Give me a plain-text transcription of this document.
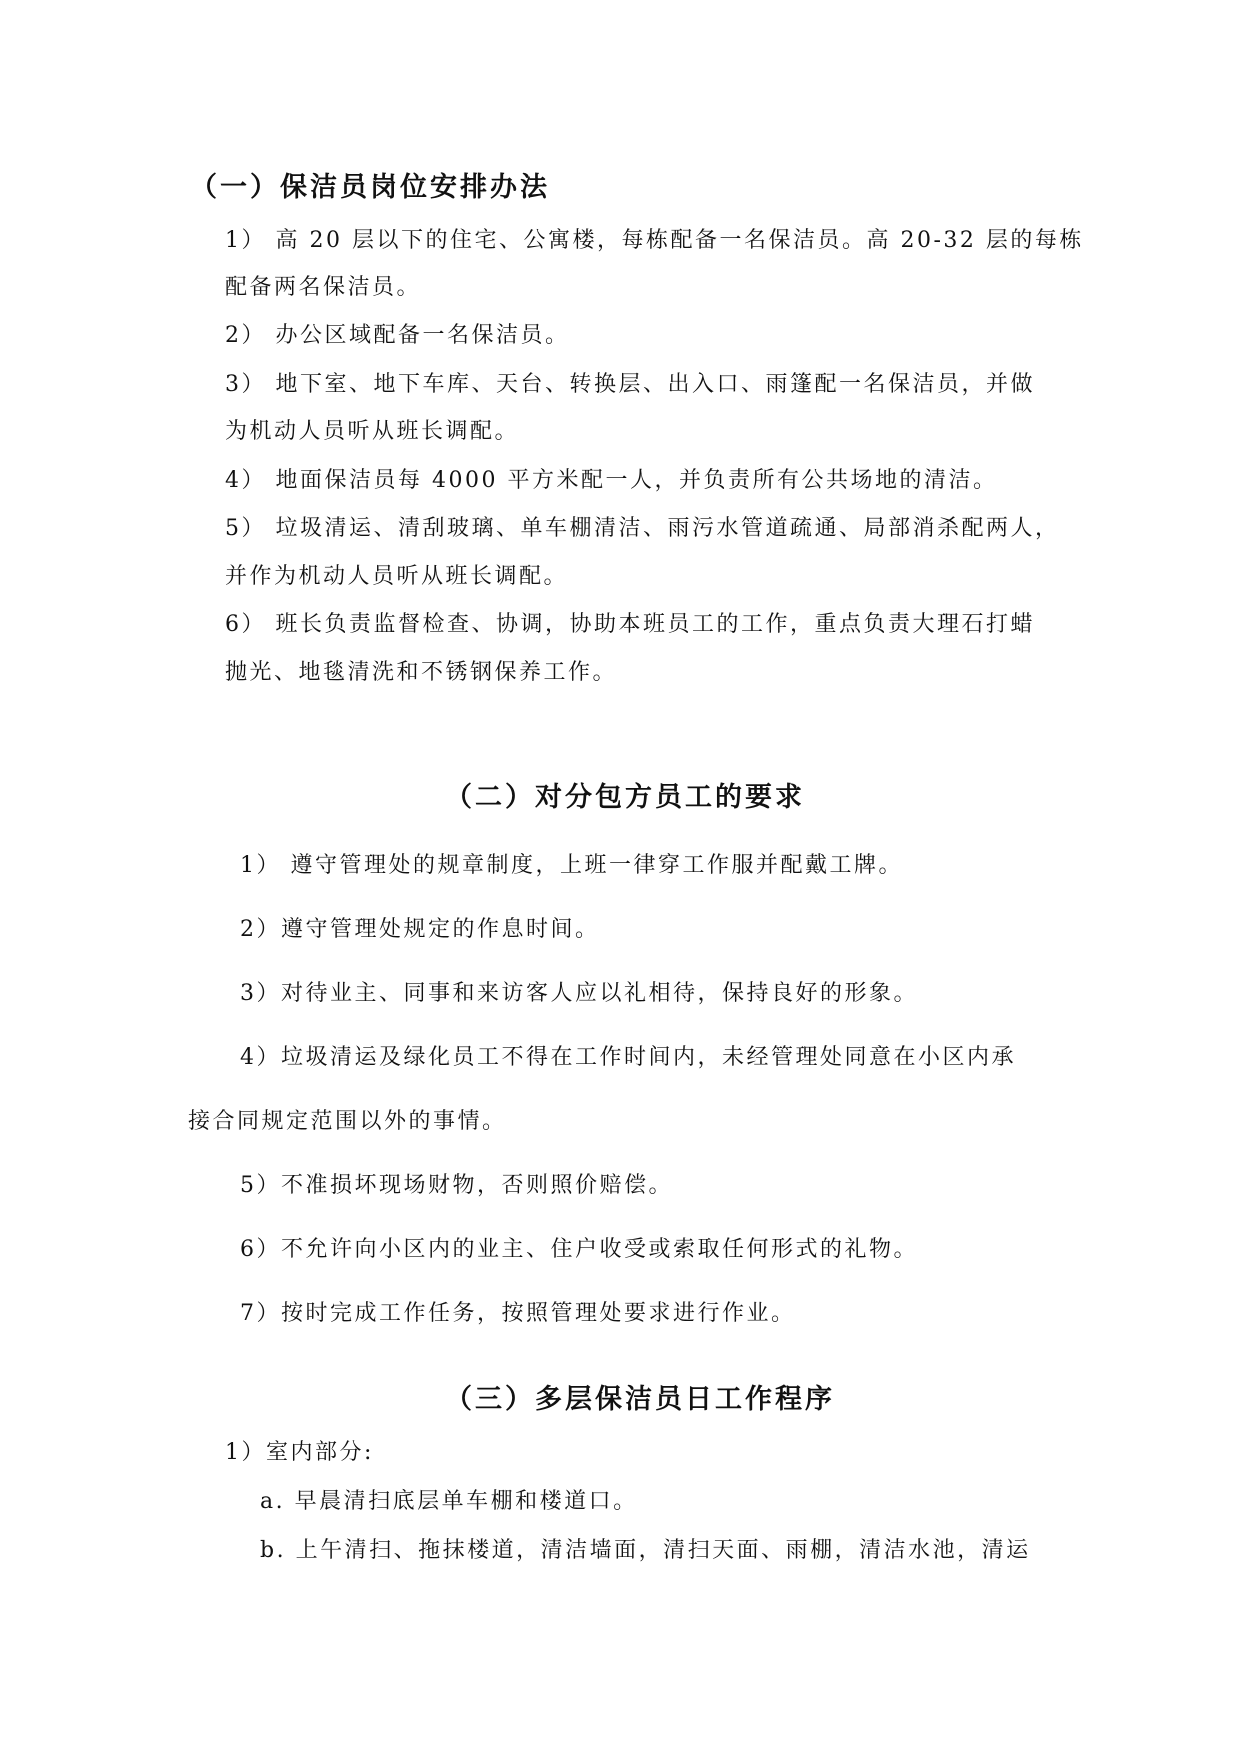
（一）保洁员岗位安排办法
1） 高 20 层以下的住宅、公寓楼，每栋配备一名保洁员。高 20-32 层的每栋
配备两名保洁员。
2） 办公区域配备一名保洁员。
3） 地下室、地下车库、天台、转换层、出入口、雨篷配一名保洁员，并做
为机动人员听从班长调配。
4） 地面保洁员每 4000 平方米配一人，并负责所有公共场地的清洁。
5） 垃圾清运、清刮玻璃、单车棚清洁、雨污水管道疏通、局部消杀配两人，
并作为机动人员听从班长调配。
6） 班长负责监督检查、协调，协助本班员工的工作，重点负责大理石打蜡
抛光、地毯清洗和不锈钢保养工作。
（二）对分包方员工的要求
1） 遵守管理处的规章制度，上班一律穿工作服并配戴工牌。
2）遵守管理处规定的作息时间。
3）对待业主、同事和来访客人应以礼相待，保持良好的形象。
4）垃圾清运及绿化员工不得在工作时间内，未经管理处同意在小区内承
接合同规定范围以外的事情。
5）不准损坏现场财物，否则照价赔偿。
6）不允许向小区内的业主、住户收受或索取任何形式的礼物。
7）按时完成工作任务，按照管理处要求进行作业。
（三）多层保洁员日工作程序
1）室内部分:
a. 早晨清扫底层单车棚和楼道口。
b. 上午清扫、拖抹楼道，清洁墙面，清扫天面、雨棚，清洁水池，清运
